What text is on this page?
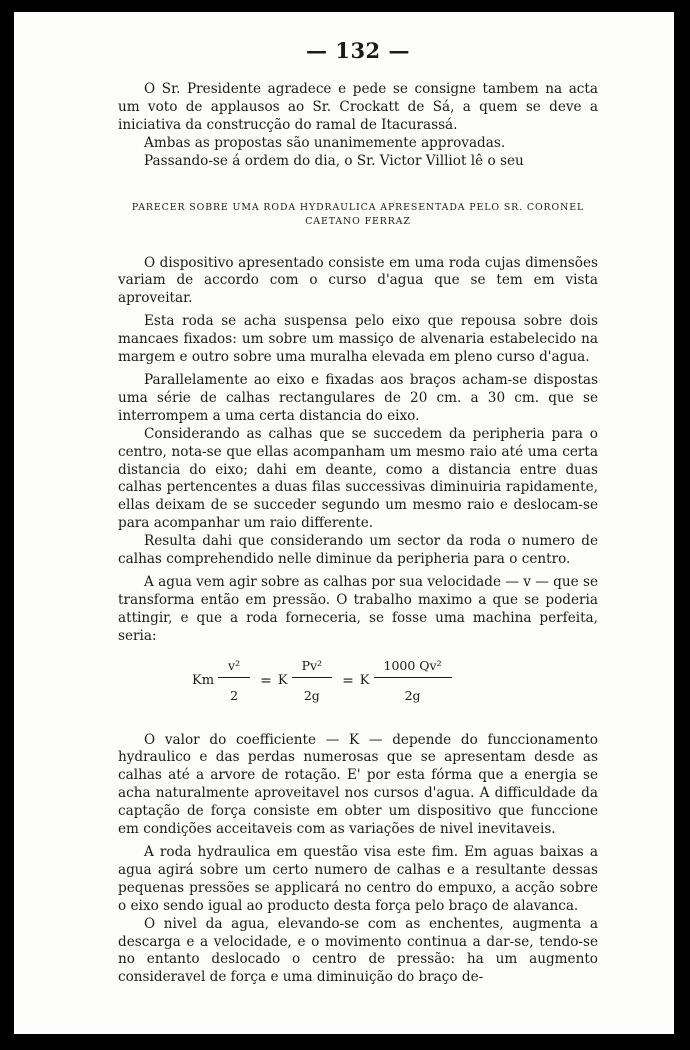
— 132 —

O Sr. Presidente agradece e pede se consigne tambem na acta um voto de applausos ao Sr. Crockatt de Sá, a quem se deve a iniciativa da construcção do ramal de Itacurassá.

Ambas as propostas são unanimemente approvadas.

Passando-se á ordem do dia, o Sr. Victor Villiot lê o seu

PARECER SOBRE UMA RODA HYDRAULICA APRESENTADA PELO SR. CORONEL CAETANO FERRAZ

O dispositivo apresentado consiste em uma roda cujas dimensões variam de accordo com o curso d'agua que se tem em vista aproveitar.

Esta roda se acha suspensa pelo eixo que repousa sobre dois mancaes fixados: um sobre um massiço de alvenaria estabelecido na margem e outro sobre uma muralha elevada em pleno curso d'agua.

Parallelamente ao eixo e fixadas aos braços acham-se dispostas uma série de calhas rectangulares de 20 cm. a 30 cm. que se interrompem a uma certa distancia do eixo.

Considerando as calhas que se succedem da peripheria para o centro, nota-se que ellas acompanham um mesmo raio até uma certa distancia do eixo; dahi em deante, como a distancia entre duas calhas pertencentes a duas filas successivas diminuiria rapidamente, ellas deixam de se succeder segundo um mesmo raio e deslocam-se para acompanhar um raio differente.

Resulta dahi que considerando um sector da roda o numero de calhas comprehendido nelle diminue da peripheria para o centro.

A agua vem agir sobre as calhas por sua velocidade — v — que se transforma então em pressão. O trabalho maximo a que se poderia attingir, e que a roda forneceria, se fosse uma machina perfeita, seria:

Km $\frac{\text{v²}}{2} = K \frac{\text{Pv²}}{2g} = K \frac{\text{1000 Qv²}}{2g}$

O valor do coefficiente — K — depende do funccionamento hydraulico e das perdas numerosas que se apresentam desde as calhas até a arvore de rotação. E' por esta fórma que a energia se acha naturalmente aproveitavel nos cursos d'agua. A difficuldade da captação de força consiste em obter um dispositivo que funccione em condições acceitaveis com as variações de nivel inevitaveis.

A roda hydraulica em questão visa este fim. Em aguas baixas a agua agirá sobre um certo numero de calhas e a resultante dessas pequenas pressões se applicará no centro do empuxo, a acção sobre o eixo sendo igual ao producto desta força pelo braço de alavanca.

O nivel da agua, elevando-se com as enchentes, augmenta a descarga e a velocidade, e o movimento continua a dar-se, tendo-se no entanto deslocado o centro de pressão: ha um augmento consideravel de força e uma diminuição do braço de-
